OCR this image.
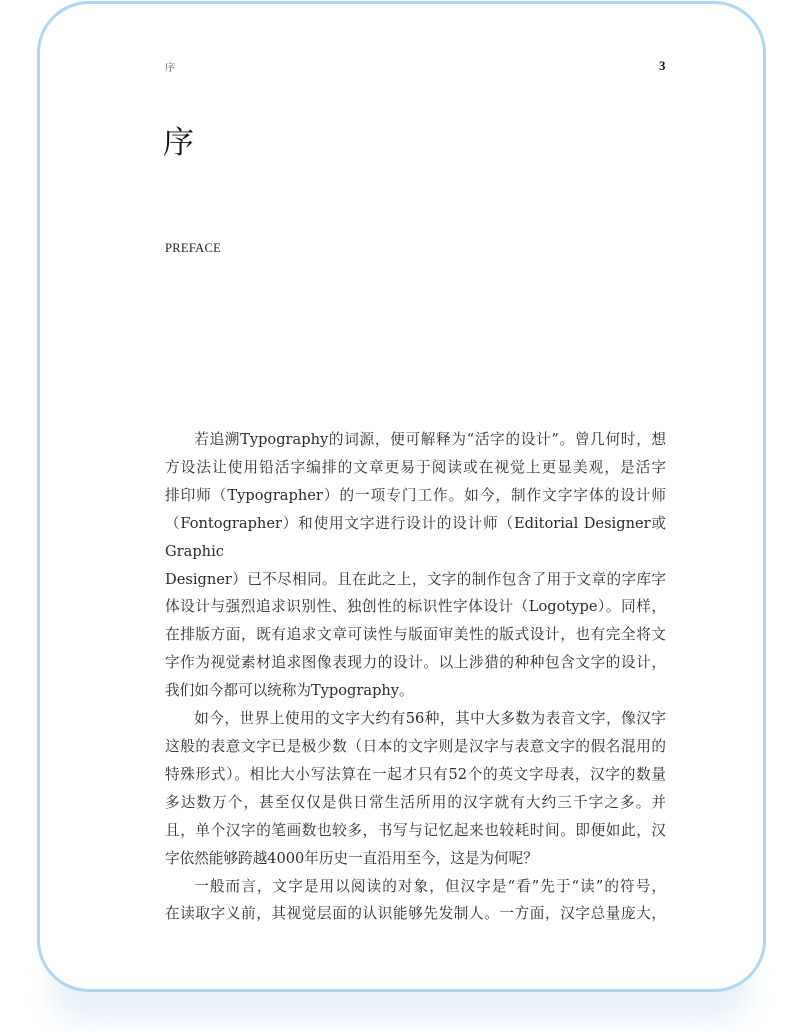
序	3
序
PREFACE

若追溯Typography的词源，便可解释为“活字的设计”。曾几何时，想

方设法让使用铅活字编排的文章更易于阅读或在视觉上更显美观，是活字

排印师（Typographer）的一项专门工作。如今，制作文字字体的设计师

（Fontographer）和使用文字进行设计的设计师（Editorial Designer或Graphic

Designer）已不尽相同。且在此之上，文字的制作包含了用于文章的字库字

体设计与强烈追求识别性、独创性的标识性字体设计（Logotype）。同样，

在排版方面，既有追求文章可读性与版面审美性的版式设计，也有完全将文

字作为视觉素材追求图像表现力的设计。以上涉猎的种种包含文字的设计，

我们如今都可以统称为Typography。

如今，世界上使用的文字大约有56种，其中大多数为表音文字，像汉字

这般的表意文字已是极少数（日本的文字则是汉字与表意文字的假名混用的

特殊形式）。相比大小写法算在一起才只有52个的英文字母表，汉字的数量

多达数万个，甚至仅仅是供日常生活所用的汉字就有大约三千字之多。并

且，单个汉字的笔画数也较多，书写与记忆起来也较耗时间。即便如此，汉

字依然能够跨越4000年历史一直沿用至今，这是为何呢？

一般而言，文字是用以阅读的对象，但汉字是“看”先于“读”的符号，

在读取字义前，其视觉层面的认识能够先发制人。一方面，汉字总量庞大，
